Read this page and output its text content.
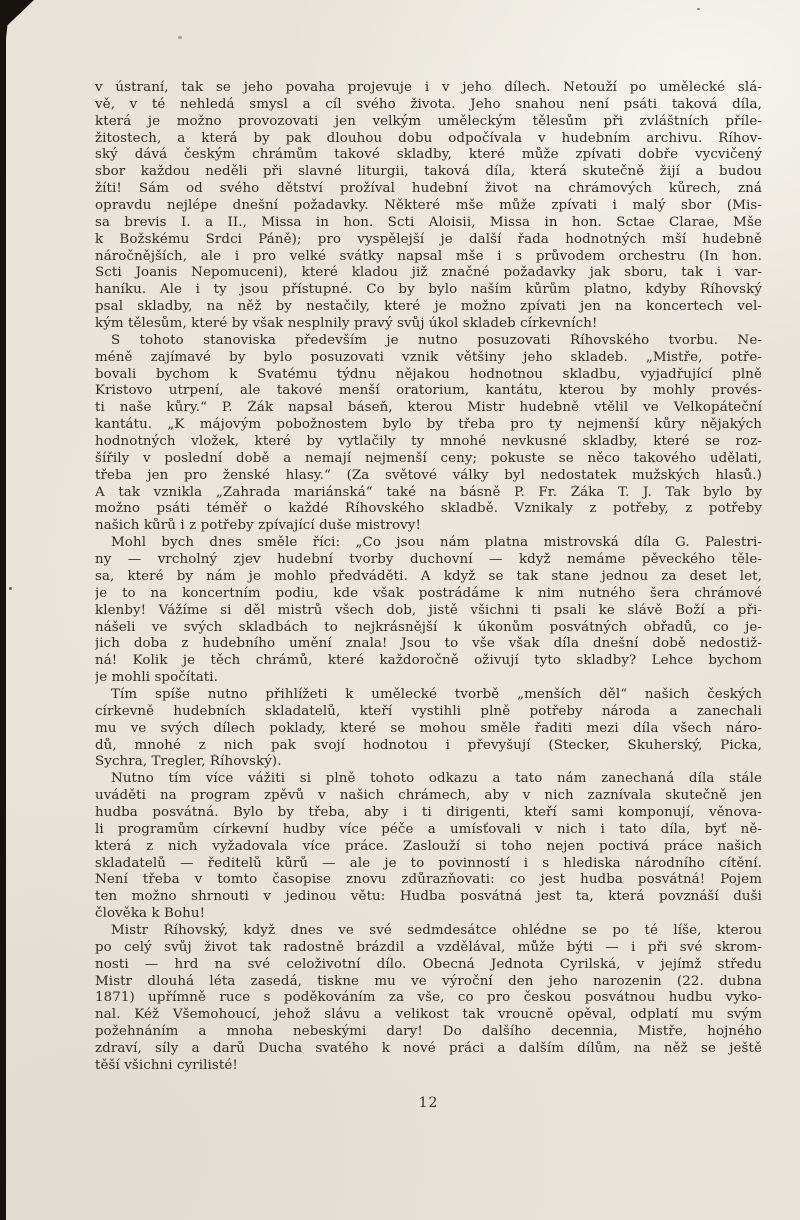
v ústraní, tak se jeho povaha projevuje i v jeho dílech. Netouží po umělecké slá-
vě, v té nehledá smysl a cíl svého života. Jeho snahou není psáti taková díla,
která je možno provozovati jen velkým uměleckým tělesům při zvláštních příle-
žitostech, a která by pak dlouhou dobu odpočívala v hudebním archivu. Říhov-
ský dává českým chrámům takové skladby, které může zpívati dobře vycvičený
sbor každou neděli při slavné liturgii, taková díla, která skutečně žijí a budou
žíti! Sám od svého dětství prožíval hudební život na chrámových kůrech, zná
opravdu nejlépe dnešní požadavky. Některé mše může zpívati i malý sbor (Mis-
sa brevis I. a II., Missa in hon. Scti Aloisii, Missa in hon. Sctae Clarae, Mše
k Božskému Srdci Páně); pro vyspělejší je další řada hodnotných mší hudebně
náročnějších, ale i pro velké svátky napsal mše i s průvodem orchestru (In hon.
Scti Joanis Nepomuceni), které kladou již značné požadavky jak sboru, tak i var-
haníku. Ale i ty jsou přístupné. Co by bylo naším kůrům platno, kdyby Říhovský
psal skladby, na něž by nestačily, které je možno zpívati jen na koncertech vel-
kým tělesům, které by však nesplnily pravý svůj úkol skladeb církevních!
S tohoto stanoviska především je nutno posuzovati Říhovského tvorbu. Ne-
méně zajímavé by bylo posuzovati vznik většiny jeho skladeb. „Mistře, potře-
bovali bychom k Svatému týdnu nějakou hodnotnou skladbu, vyjadřující plně
Kristovo utrpení, ale takové menší oratorium, kantátu, kterou by mohly provés-
ti naše kůry.“ P. Žák napsal báseň, kterou Mistr hudebně vtělil ve Velkopáteční
kantátu. „K májovým pobožnostem bylo by třeba pro ty nejmenší kůry nějakých
hodnotných vložek, které by vytlačily ty mnohé nevkusné skladby, které se roz-
šířily v poslední době a nemají nejmenší ceny; pokuste se něco takového udělati,
třeba jen pro ženské hlasy.“ (Za světové války byl nedostatek mužských hlasů.)
A tak vznikla „Zahrada mariánská“ také na básně P. Fr. Žáka T. J. Tak bylo by
možno psáti téměř o každé Říhovského skladbě. Vznikaly z potřeby, z potřeby
našich kůrů i z potřeby zpívající duše mistrovy!
Mohl bych dnes směle říci: „Co jsou nám platna mistrovská díla G. Palestri-
ny — vrcholný zjev hudební tvorby duchovní — když nemáme pěveckého těle-
sa, které by nám je mohlo předváděti. A když se tak stane jednou za deset let,
je to na koncertním podiu, kde však postrádáme k nim nutného šera chrámové
klenby! Vážíme si děl mistrů všech dob, jistě všichni ti psali ke slávě Boží a při-
nášeli ve svých skladbách to nejkrásnější k úkonům posvátných obřadů, co je-
jich doba z hudebního umění znala! Jsou to vše však díla dnešní době nedostiž-
ná! Kolik je těch chrámů, které každoročně oživují tyto skladby? Lehce bychom
je mohli spočítati.
Tím spíše nutno přihlížeti k umělecké tvorbě „menších děl“ našich českých
církevně hudebních skladatelů, kteří vystihli plně potřeby národa a zanechali
mu ve svých dílech poklady, které se mohou směle řaditi mezi díla všech náro-
dů, mnohé z nich pak svojí hodnotou i převyšují (Stecker, Skuherský, Picka,
Sychra, Tregler, Říhovský).
Nutno tím více vážiti si plně tohoto odkazu a tato nám zanechaná díla stále
uváděti na program zpěvů v našich chrámech, aby v nich zaznívala skutečně jen
hudba posvátná. Bylo by třeba, aby i ti dirigenti, kteří sami komponují, věnova-
li programům církevní hudby více péče a umísťovali v nich i tato díla, byť ně-
která z nich vyžadovala více práce. Zaslouží si toho nejen poctivá práce našich
skladatelů — ředitelů kůrů — ale je to povinností i s hlediska národního cítění.
Není třeba v tomto časopise znovu zdůrazňovati: co jest hudba posvátná! Pojem
ten možno shrnouti v jedinou větu: Hudba posvátná jest ta, která povznáší duši
člověka k Bohu!
Mistr Říhovský, když dnes ve své sedmdesátce ohlédne se po té líše, kterou
po celý svůj život tak radostně brázdil a vzdělával, může býti — i při své skrom-
nosti — hrd na své celoživotní dílo. Obecná Jednota Cyrilská, v jejímž středu
Mistr dlouhá léta zasedá, tiskne mu ve výroční den jeho narozenin (22. dubna
1871) upřímně ruce s poděkováním za vše, co pro českou posvátnou hudbu vyko-
nal. Kéž Všemohoucí, jehož slávu a velikost tak vroucně opěval, odplatí mu svým
požehnáním a mnoha nebeskými dary! Do dalšího decennia, Mistře, hojného
zdraví, síly a darů Ducha svatého k nové práci a dalším dílům, na něž se ještě
těší všichni cyrilisté!
12
